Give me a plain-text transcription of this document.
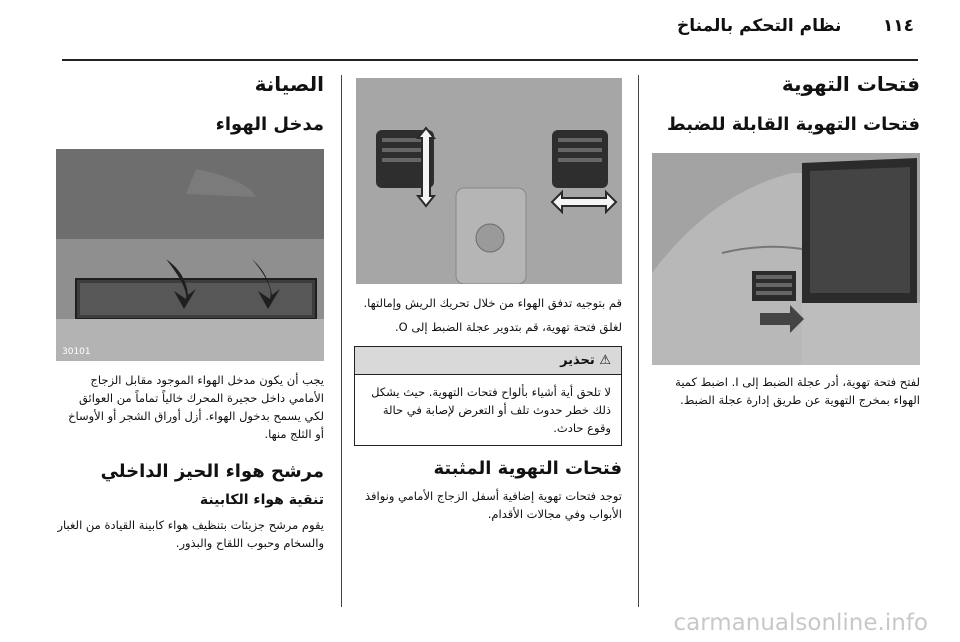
١١٤       نظام التحكم بالمناخ
فتحات التهوية
فتحات التهوية القابلة للضبط

لفتح فتحة تهوية، أدر عجلة الضبط إلى I. اضبط كمية الهواء بمخرج التهوية عن طريق إدارة عجلة الضبط.

قم بتوجيه تدفق الهواء من خلال تحريك الريش وإمالتها.

لغلق فتحة تهوية، قم بتدوير عجلة الضبط إلى O.

⚠ تحذير
لا تلحق أية أشياء بألواح فتحات التهوية. حيث يشكل ذلك خطر حدوث تلف أو التعرض لإصابة في حالة وقوع حادث.
فتحات التهوية المثبتة

توجد فتحات تهوية إضافية أسفل الزجاج الأمامي ونوافذ الأبواب وفي مجالات الأقدام.

الصيانة
مدخل الهواء
30101

يجب أن يكون مدخل الهواء الموجود مقابل الزجاج الأمامي داخل حجيرة المحرك خالياً تماماً من العوائق لكي يسمح بدخول الهواء. أزل أوراق الشجر أو الأوساخ أو الثلج منها.

مرشح هواء الحيز الداخلي
تنقية هواء الكابينة

يقوم مرشح جزيئات بتنظيف هواء كابينة القيادة من الغبار والسخام وحبوب اللقاح والبذور.

carmanualsonline.info
